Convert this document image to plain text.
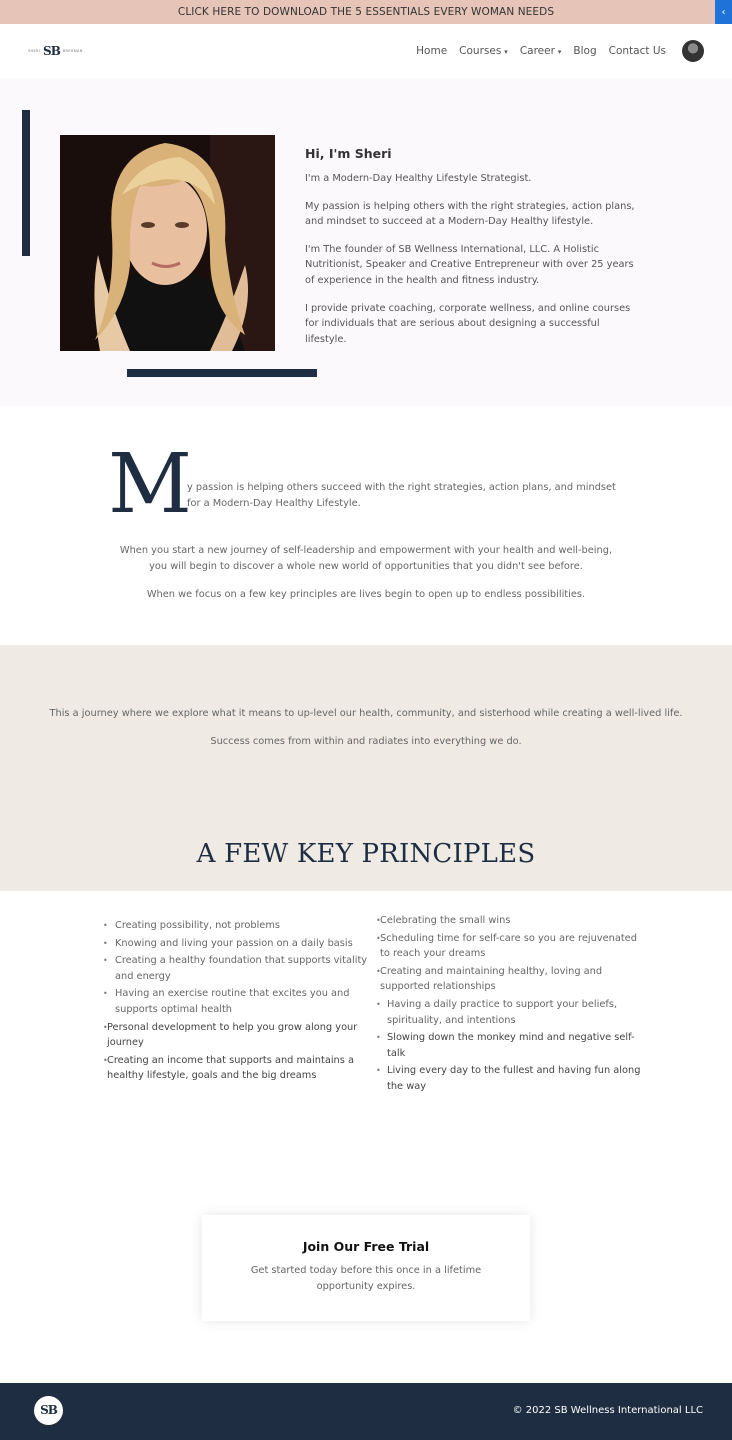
CLICK HERE TO DOWNLOAD THE 5 ESSENTIALS EVERY WOMAN NEEDS	‹
SHERI SB BREHMAN	Home Courses ▾ Career ▾ Blog Contact Us
Hi, I'm Sheri

I'm a Modern-Day Healthy Lifestyle Strategist.

My passion is helping others with the right strategies, action plans, and mindset to succeed at a Modern-Day Healthy lifestyle.

I'm The founder of SB Wellness International, LLC. A Holistic Nutritionist, Speaker and Creative Entrepreneur with over 25 years of experience in the health and fitness industry.

I provide private coaching, corporate wellness, and online courses for individuals that are serious about designing a successful lifestyle.

M

y passion is helping others succeed with the right strategies, action plans, and mindset for a Modern-Day Healthy Lifestyle.

When you start a new journey of self-leadership and empowerment with your health and well-being, you will begin to discover a whole new world of opportunities that you didn't see before.

When we focus on a few key principles are lives begin to open up to endless possibilities.

This a journey where we explore what it means to up-level our health, community, and sisterhood while creating a well-lived life.

Success comes from within and radiates into everything we do.

A FEW KEY PRINCIPLES
• Creating possibility, not problems
• Knowing and living your passion on a daily basis
• Creating a healthy foundation that supports vitality and energy
• Having an exercise routine that excites you and supports optimal health
• Personal development to help you grow along your journey
• Creating an income that supports and maintains a healthy lifestyle, goals and the big dreams
• Celebrating the small wins
• Scheduling time for self-care so you are rejuvenated to reach your dreams
• Creating and maintaining healthy, loving and supported relationships
• Having a daily practice to support your beliefs, spirituality, and intentions
• Slowing down the monkey mind and negative self-talk
• Living every day to the fullest and having fun along the way
Join Our Free Trial

Get started today before this once in a lifetime opportunity expires.

SB	© 2022 SB Wellness International LLC
